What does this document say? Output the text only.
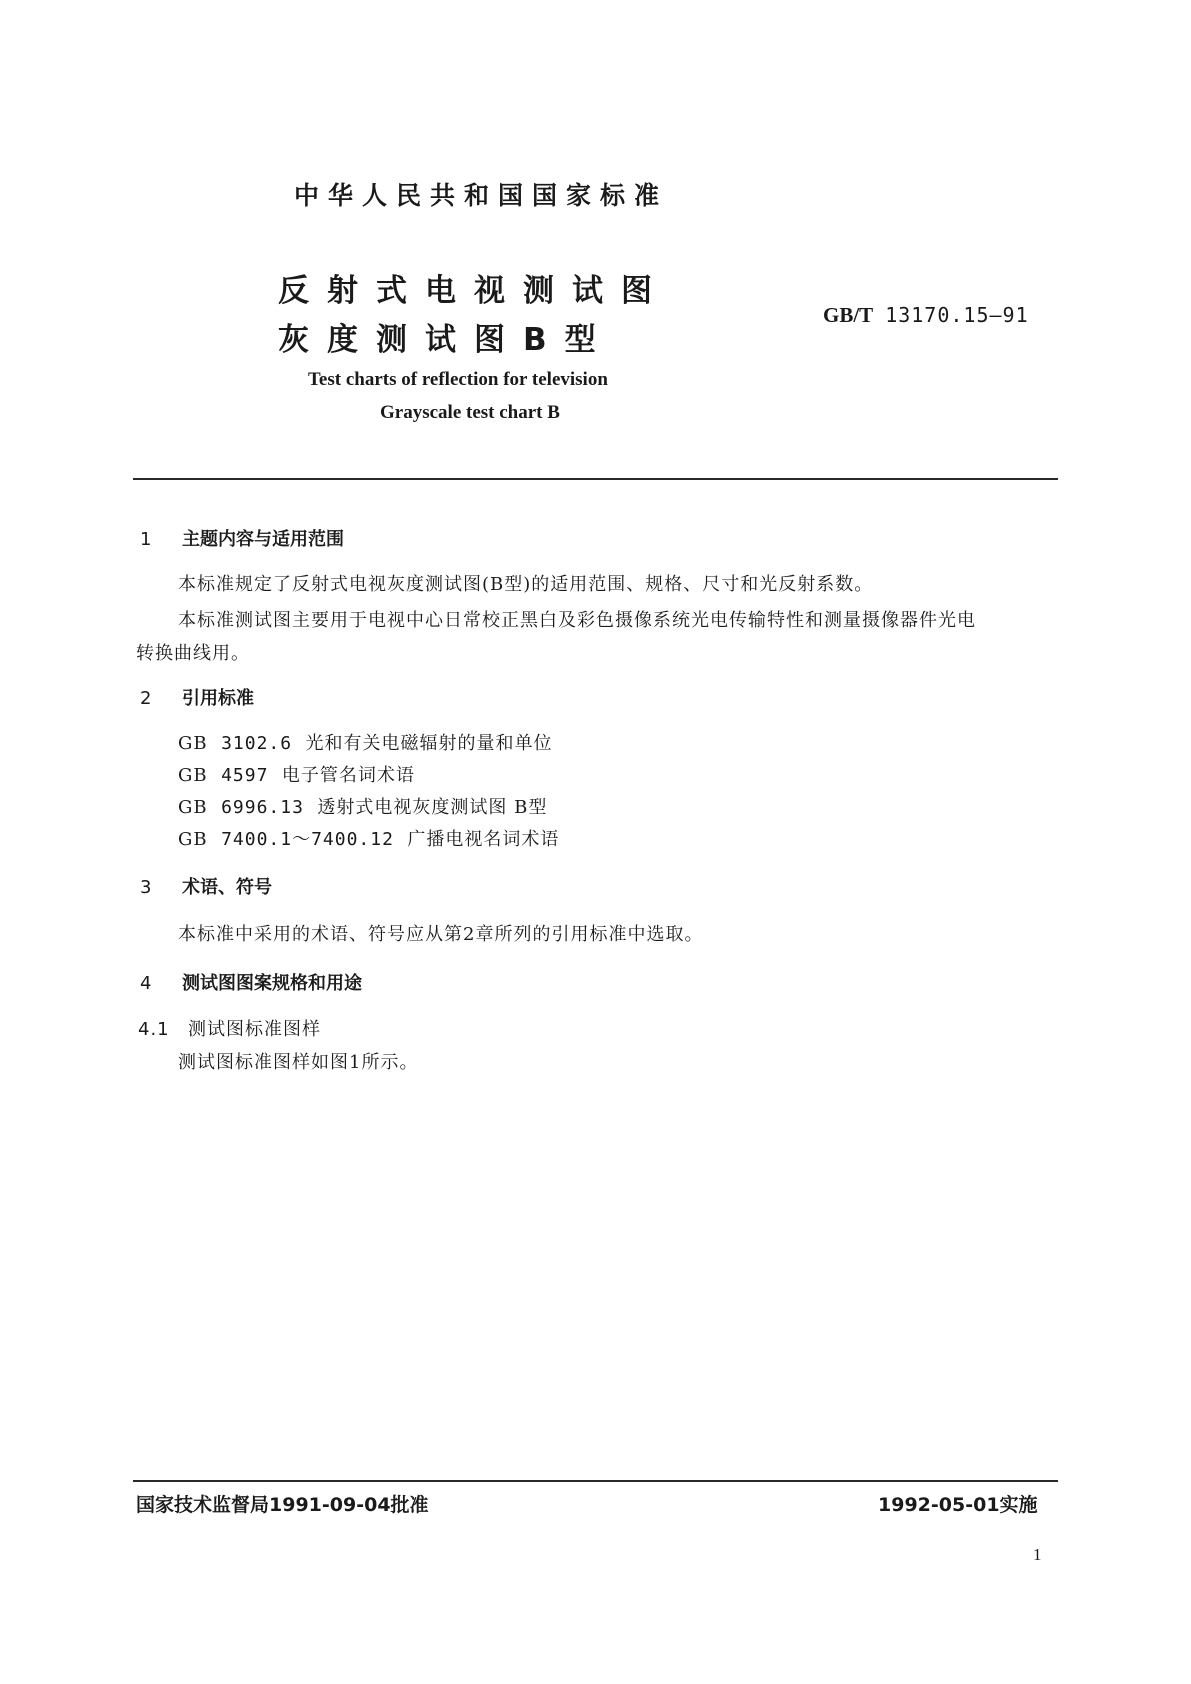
中华人民共和国国家标准
反射式电视测试图
灰度测试图B型
GB/T 13170.15—91
Test charts of reflection for television
Grayscale test chart B
1 主题内容与适用范围
本标准规定了反射式电视灰度测试图(B型)的适用范围、规格、尺寸和光反射系数。
本标准测试图主要用于电视中心日常校正黑白及彩色摄像系统光电传输特性和测量摄像器件光电
转换曲线用。
2 引用标准
GB 3102.6 光和有关电磁辐射的量和单位
GB 4597 电子管名词术语
GB 6996.13 透射式电视灰度测试图 B型
GB 7400.1～7400.12 广播电视名词术语
3 术语、符号
本标准中采用的术语、符号应从第2章所列的引用标准中选取。
4 测试图图案规格和用途
4.1 测试图标准图样
测试图标准图样如图1所示。
国家技术监督局1991-09-04批准	1992-05-01实施
1
